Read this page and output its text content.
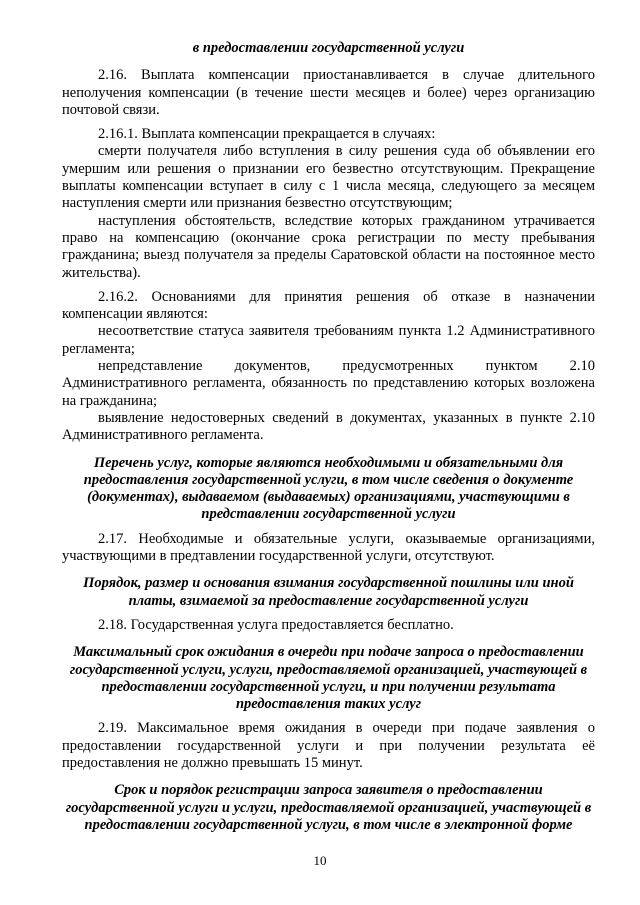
в предоставлении государственной услуги

2.16. Выплата компенсации приостанавливается в случае длительного неполучения компенсации (в течение шести месяцев и более) через организацию почтовой связи.

2.16.1. Выплата компенсации прекращается в случаях:

смерти получателя либо вступления в силу решения суда об объявлении его умершим или решения о признании его безвестно отсутствующим. Прекращение выплаты компенсации вступает в силу с 1 числа месяца, следующего за месяцем наступления смерти или признания безвестно отсутствующим;

наступления обстоятельств, вследствие которых гражданином утрачивается право на компенсацию (окончание срока регистрации по месту пребывания гражданина; выезд получателя за пределы Саратовской области на постоянное место жительства).

2.16.2. Основаниями для принятия решения об отказе в назначении компенсации являются:

несоответствие статуса заявителя требованиям пункта 1.2 Административного регламента;

непредставление документов, предусмотренных пунктом 2.10 Административного регламента, обязанность по представлению которых возложена на гражданина;

выявление недостоверных сведений в документах, указанных в пункте 2.10 Административного регламента.

Перечень услуг, которые являются необходимыми и обязательными для предоставления государственной услуги, в том числе сведения о документе (документах), выдаваемом (выдаваемых) организациями, участвующими в представлении государственной услуги

2.17. Необходимые и обязательные услуги, оказываемые организациями, участвующими в предтавлении государственной услуги, отсутствуют.

Порядок, размер и основания взимания государственной пошлины или иной платы, взимаемой за предоставление государственной услуги

2.18. Государственная услуга предоставляется бесплатно.

Максимальный срок ожидания в очереди при подаче запроса о предоставлении государственной услуги, услуги, предоставляемой организацией, участвующей в предоставлении государственной услуги, и при получении результата предоставления таких услуг

2.19. Максимальное время ожидания в очереди при подаче заявления о предоставлении государственной услуги и при получении результата её предоставления не должно превышать 15 минут.

Срок и порядок регистрации запроса заявителя о предоставлении государственной услуги и услуги, предоставляемой организацией, участвующей в предоставлении государственной услуги, в том числе в электронной форме

10
